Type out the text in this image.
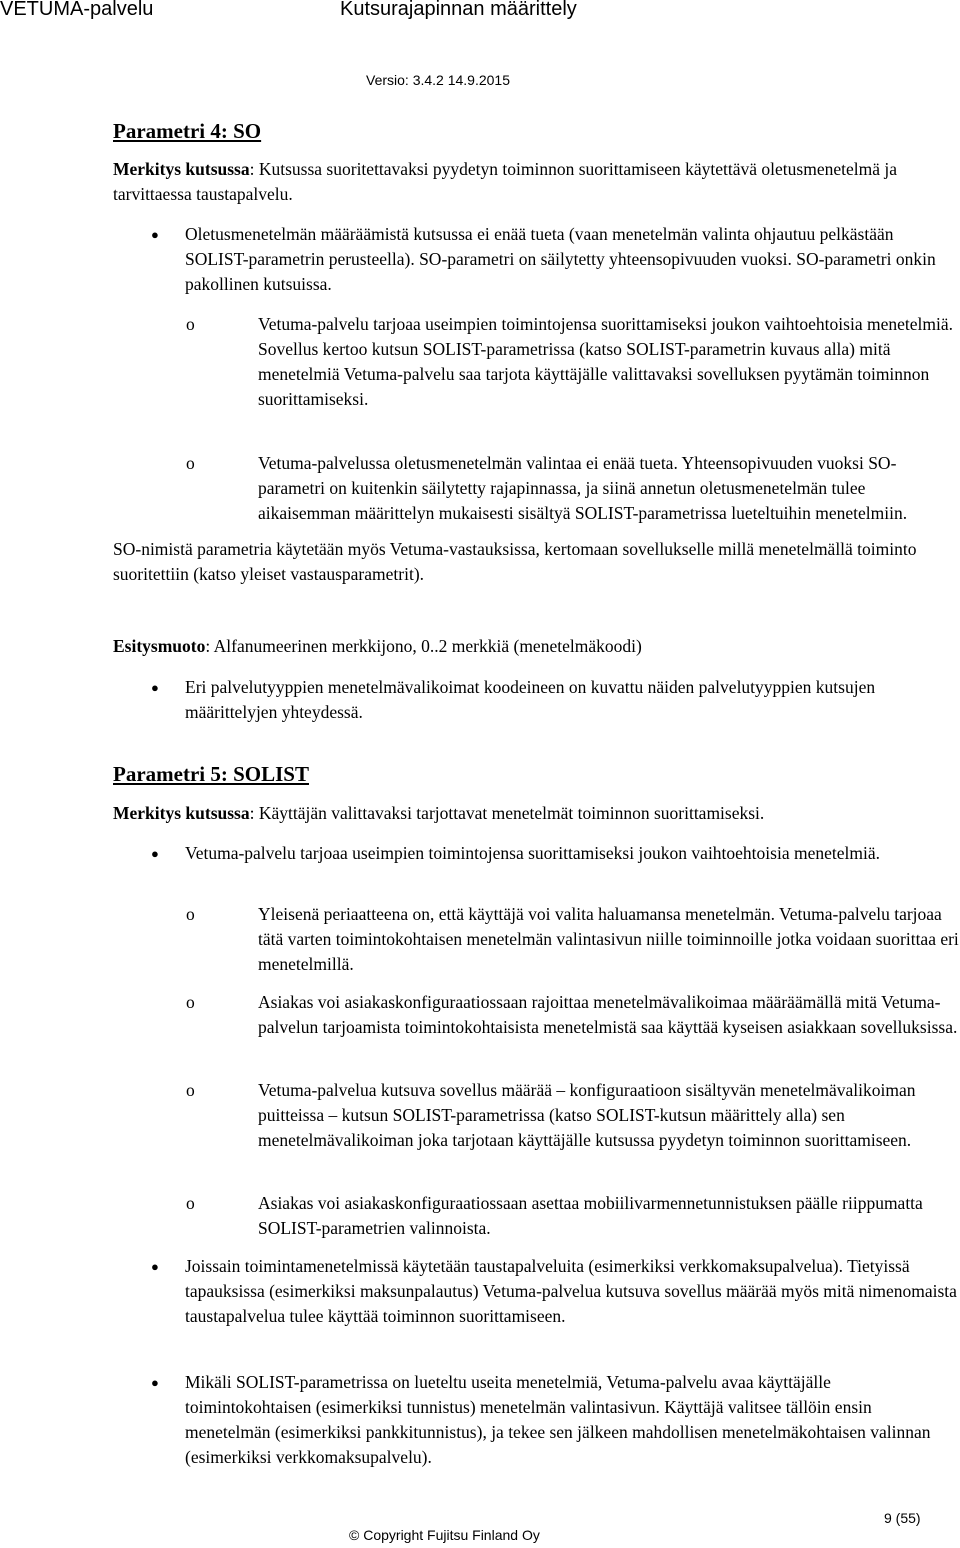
VETUMA-palvelu	Kutsurajapinnan määrittely
Versio: 3.4.2 14.9.2015
Parametri 4: SO
Merkitys kutsussa: Kutsussa suoritettavaksi pyydetyn toiminnon suorittamiseen käytettävä oletusmenetelmä ja tarvittaessa taustapalvelu.
● Oletusmenetelmän määräämistä kutsussa ei enää tueta (vaan menetelmän valinta ohjautuu pelkästään SOLIST-parametrin perusteella). SO-parametri on säilytetty yhteensopivuuden vuoksi. SO-parametri onkin pakollinen kutsuissa.
o	Vetuma-palvelu tarjoaa useimpien toimintojensa suorittamiseksi joukon vaihtoehtoisia menetelmiä. Sovellus kertoo kutsun SOLIST-parametrissa (katso SOLIST-parametrin kuvaus alla) mitä menetelmiä Vetuma-palvelu saa tarjota käyttäjälle valittavaksi sovelluksen pyytämän toiminnon suorittamiseksi.
o	Vetuma-palvelussa oletusmenetelmän valintaa ei enää tueta. Yhteensopivuuden vuoksi SO-parametri on kuitenkin säilytetty rajapinnassa, ja siinä annetun oletusmenetelmän tulee aikaisemman määrittelyn mukaisesti sisältyä SOLIST-parametrissa lueteltuihin menetelmiin.
SO-nimistä parametria käytetään myös Vetuma-vastauksissa, kertomaan sovellukselle millä menetelmällä toiminto suoritettiin (katso yleiset vastausparametrit).
Esitysmuoto: Alfanumeerinen merkkijono, 0..2 merkkiä (menetelmäkoodi)
● Eri palvelutyyppien menetelmävalikoimat koodeineen on kuvattu näiden palvelutyyppien kutsujen määrittelyjen yhteydessä.
Parametri 5: SOLIST
Merkitys kutsussa: Käyttäjän valittavaksi tarjottavat menetelmät toiminnon suorittamiseksi.
● Vetuma-palvelu tarjoaa useimpien toimintojensa suorittamiseksi joukon vaihtoehtoisia menetelmiä.
o	Yleisenä periaatteena on, että käyttäjä voi valita haluamansa menetelmän. Vetuma-palvelu tarjoaa tätä varten toimintokohtaisen menetelmän valintasivun niille toiminnoille jotka voidaan suorittaa eri menetelmillä.
o	Asiakas voi asiakaskonfiguraatiossaan rajoittaa menetelmävalikoimaa määräämällä mitä Vetuma-palvelun tarjoamista toimintokohtaisista menetelmistä saa käyttää kyseisen asiakkaan sovelluksissa.
o	Vetuma-palvelua kutsuva sovellus määrää – konfiguraatioon sisältyvän menetelmävalikoiman puitteissa – kutsun SOLIST-parametrissa (katso SOLIST-kutsun määrittely alla) sen menetelmävalikoiman joka tarjotaan käyttäjälle kutsussa pyydetyn toiminnon suorittamiseen.
o	Asiakas voi asiakaskonfiguraatiossaan asettaa mobiilivarmennetunnistuksen päälle riippumatta SOLIST-parametrien valinnoista.
● Joissain toimintamenetelmissä käytetään taustapalveluita (esimerkiksi verkkomaksupalvelua). Tietyissä tapauksissa (esimerkiksi maksunpalautus) Vetuma-palvelua kutsuva sovellus määrää myös mitä nimenomaista taustapalvelua tulee käyttää toiminnon suorittamiseen.
● Mikäli SOLIST-parametrissa on lueteltu useita menetelmiä, Vetuma-palvelu avaa käyttäjälle toimintokohtaisen (esimerkiksi tunnistus) menetelmän valintasivun. Käyttäjä valitsee tällöin ensin menetelmän (esimerkiksi pankkitunnistus), ja tekee sen jälkeen mahdollisen menetelmäkohtaisen valinnan (esimerkiksi verkkomaksupalvelu).
9 (55)
© Copyright Fujitsu Finland Oy
